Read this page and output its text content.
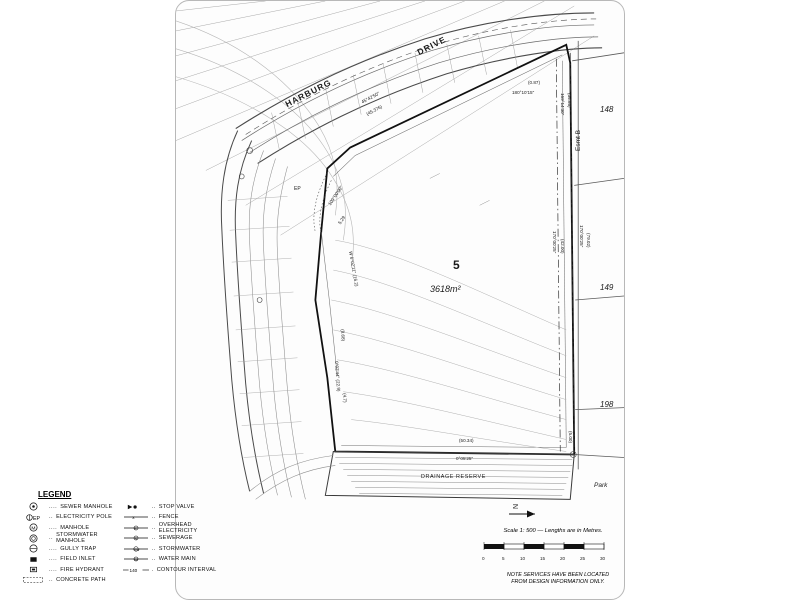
HARBURG
DRIVE
5
3618m²
Esmt B
148
149
198
DRAINAGE RESERVE
Park
(45.376)
45°42'50"
(0.87)
180°10'15"
(34.86)
169°14'30"
109°00'00"
5.29
(42.00)
170°00'25"	(79.02)
170°00'25"
W 6°02'11" (16.2)
(9.68)
(4.7)
0°02'44" (22.9)
(50.34)
0°05'25"
(5.00)
EP
LEGEND
.... SEWER MANHOLE
EP .. ELECTRICITY POLE
M	.... MANHOLE
.. STORMWATER MANHOLE
.... GULLY TRAP
.... FIELD INLET
.... FIRE HYDRANT
.. CONCRETE PATH
.. STOP VALVE
x	.. FENCE
E	.. OVERHEAD ELECTRICITY
S	.. SEWERAGE
SW .. STORMWATER
W	.. WATER MAIN
140	. CONTOUR INTERVAL
N
Scale 1: 500 — Lengths are in Metres.
0	5	10	15	20	25	30
NOTE SERVICES HAVE BEEN LOCATED
FROM DESIGN INFORMATION ONLY.
